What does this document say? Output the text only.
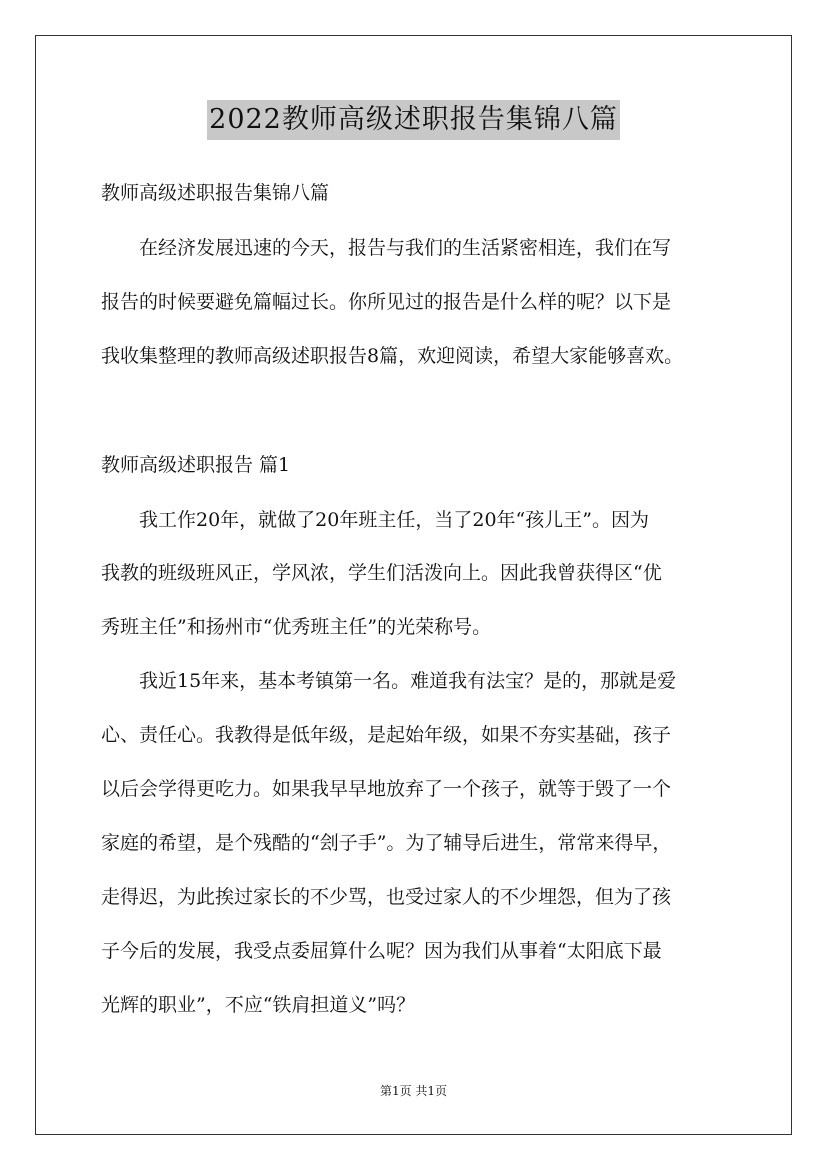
2022教师高级述职报告集锦八篇
教师高级述职报告集锦八篇
　　在经济发展迅速的今天，报告与我们的生活紧密相连，我们在写
报告的时候要避免篇幅过长。你所见过的报告是什么样的呢？以下是
我收集整理的教师高级述职报告8篇，欢迎阅读，希望大家能够喜欢。
教师高级述职报告 篇1
　　我工作20年，就做了20年班主任，当了20年“孩儿王”。因为
我教的班级班风正，学风浓，学生们活泼向上。因此我曾获得区“优
秀班主任”和扬州市“优秀班主任”的光荣称号。
　　我近15年来，基本考镇第一名。难道我有法宝？是的，那就是爱
心、责任心。我教得是低年级，是起始年级，如果不夯实基础，孩子
以后会学得更吃力。如果我早早地放弃了一个孩子，就等于毁了一个
家庭的希望，是个残酷的“刽子手”。为了辅导后进生，常常来得早，
走得迟，为此挨过家长的不少骂，也受过家人的不少埋怨，但为了孩
子今后的发展，我受点委屈算什么呢？因为我们从事着“太阳底下最
光辉的职业”，不应“铁肩担道义”吗？
第1页 共1页
